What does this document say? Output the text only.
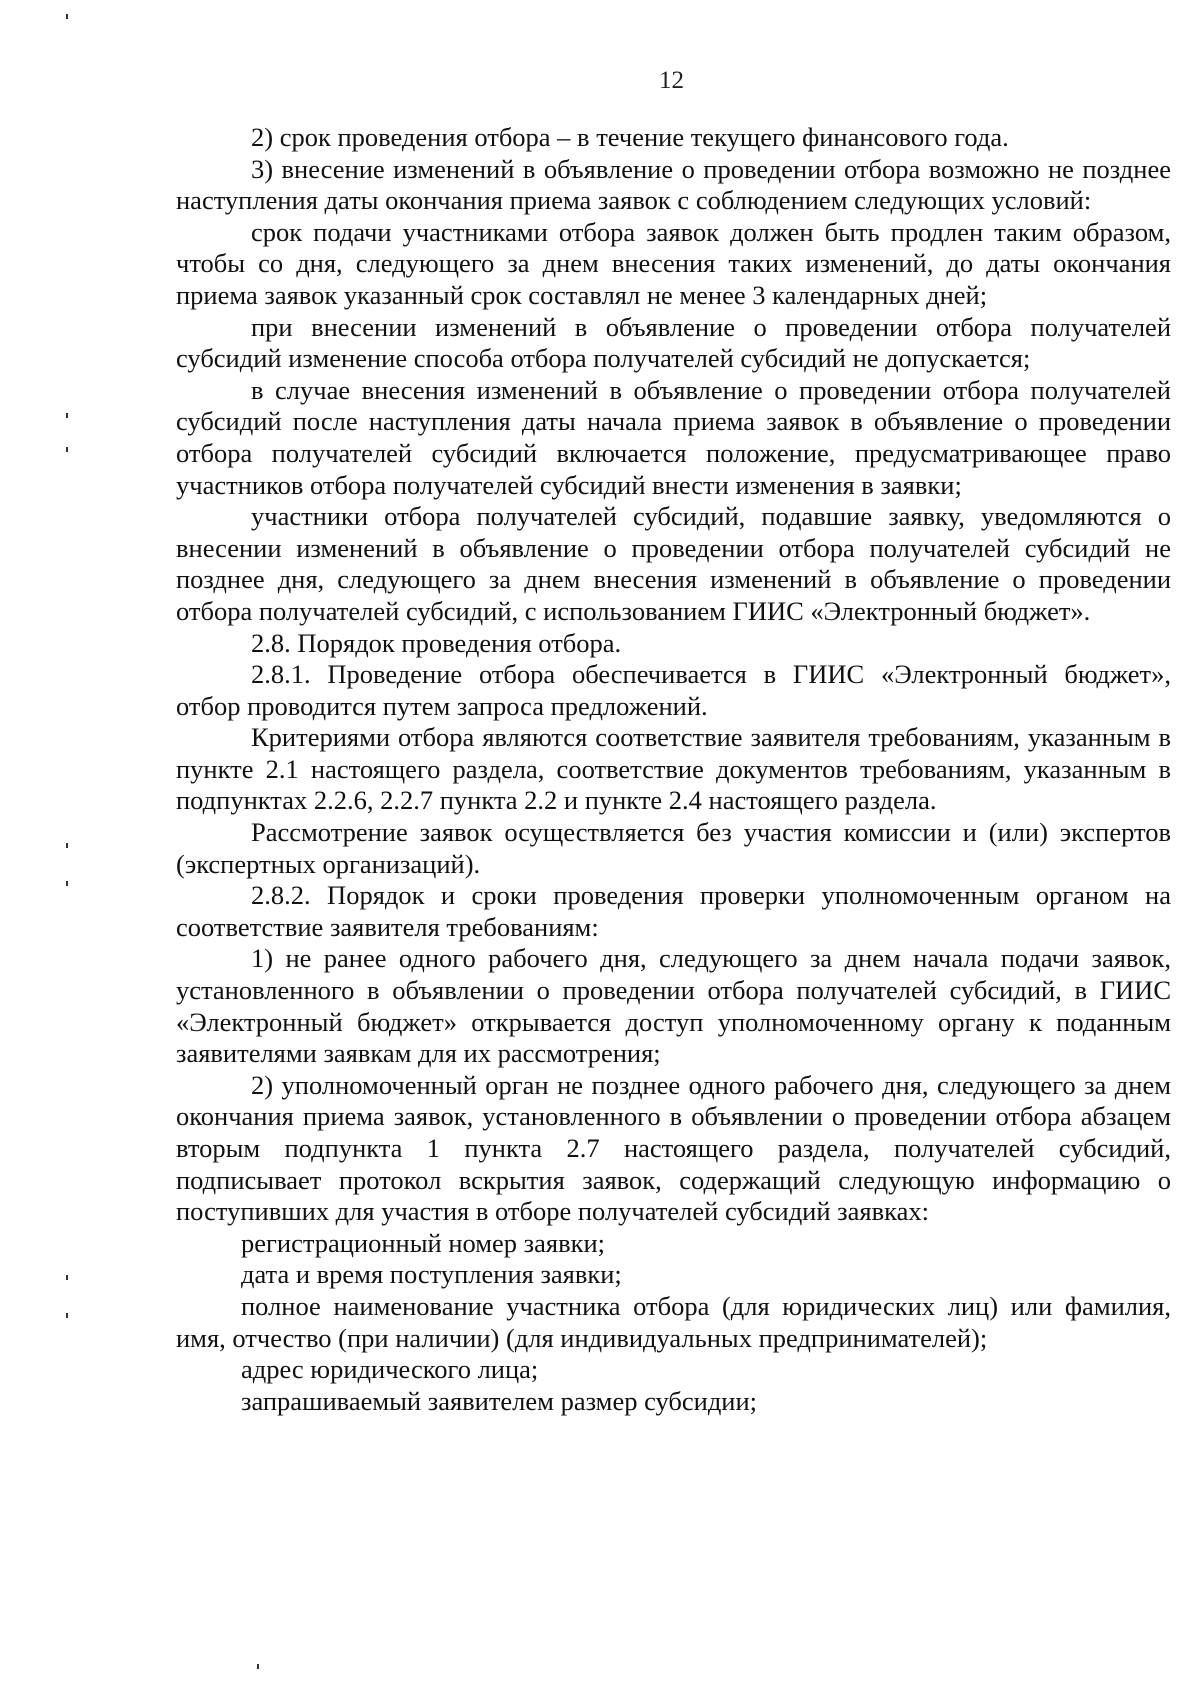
12

2) срок проведения отбора – в течение текущего финансового года.

3) внесение изменений в объявление о проведении отбора возможно не позднее наступления даты окончания приема заявок с соблюдением следующих условий:

срок подачи участниками отбора заявок должен быть продлен таким образом, чтобы со дня, следующего за днем внесения таких изменений, до даты окончания приема заявок указанный срок составлял не менее 3 календарных дней;

при внесении изменений в объявление о проведении отбора получателей субсидий изменение способа отбора получателей субсидий не допускается;

в случае внесения изменений в объявление о проведении отбора получателей субсидий после наступления даты начала приема заявок в объявление о проведении отбора получателей субсидий включается положение, предусматривающее право участников отбора получателей субсидий внести изменения в заявки;

участники отбора получателей субсидий, подавшие заявку, уведомляются о внесении изменений в объявление о проведении отбора получателей субсидий не позднее дня, следующего за днем внесения изменений в объявление о проведении отбора получателей субсидий, с использованием ГИИС «Электронный бюджет».

2.8. Порядок проведения отбора.

2.8.1. Проведение отбора обеспечивается в ГИИС «Электронный бюджет», отбор проводится путем запроса предложений.

Критериями отбора являются соответствие заявителя требованиям, указанным в пункте 2.1 настоящего раздела, соответствие документов требованиям, указанным в подпунктах 2.2.6, 2.2.7 пункта 2.2 и пункте 2.4 настоящего раздела.

Рассмотрение заявок осуществляется без участия комиссии и (или) экспертов (экспертных организаций).

2.8.2. Порядок и сроки проведения проверки уполномоченным органом на соответствие заявителя требованиям:

1) не ранее одного рабочего дня, следующего за днем начала подачи заявок, установленного в объявлении о проведении отбора получателей субсидий, в ГИИС «Электронный бюджет» открывается доступ уполномоченному органу к поданным заявителями заявкам для их рассмотрения;

2) уполномоченный орган не позднее одного рабочего дня, следующего за днем окончания приема заявок, установленного в объявлении о проведении отбора абзацем вторым подпункта 1 пункта 2.7 настоящего раздела, получателей субсидий, подписывает протокол вскрытия заявок, содержащий следующую информацию о поступивших для участия в отборе получателей субсидий заявках:

регистрационный номер заявки;

дата и время поступления заявки;

полное наименование участника отбора (для юридических лиц) или фамилия, имя, отчество (при наличии) (для индивидуальных предпринимателей);

адрес юридического лица;

запрашиваемый заявителем размер субсидии;
